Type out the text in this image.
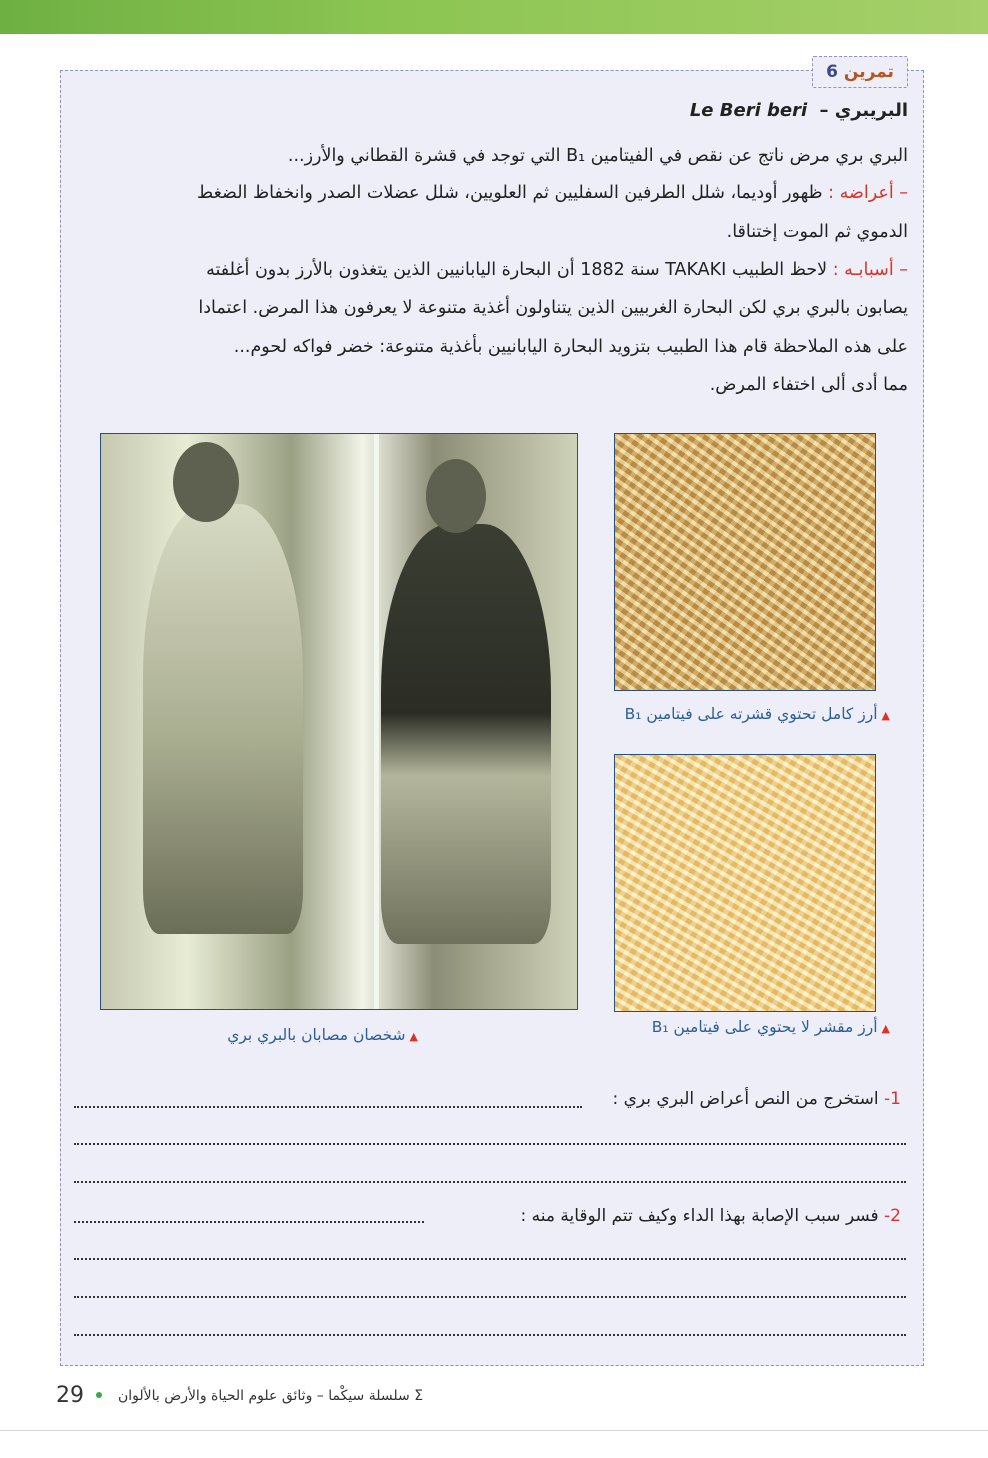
تمرين
6
البريبري – Le Beri beri
البري بري مرض ناتج عن نقص في الفيتامين B₁ التي توجد في قشرة القطاني والأرز...
– أعراضه : ظهور أوديما، شلل الطرفين السفليين ثم العلويين، شلل عضلات الصدر وانخفاظ الضغط
الدموي ثم الموت إختناقا.
– أسبابـه : لاحظ الطبيب TAKAKI سنة 1882 أن البحارة اليابانيين الذين يتغذون بالأرز بدون أغلفته
يصابون بالبري بري لكن البحارة الغربيين الذين يتناولون أغذية متنوعة لا يعرفون هذا المرض. اعتمادا
على هذه الملاحظة قام هذا الطبيب بتزويد البحارة اليابانيين بأغذية متنوعة: خضر فواكه لحوم...
مما أدى ألى اختفاء المرض.
▲أرز كامل تحتوي قشرته على فيتامين B₁
▲أرز مقشر لا يحتوي على فيتامين B₁
▲شخصان مصابان بالبري بري
1- استخرج من النص أعراض البري بري :
2- فسر سبب الإصابة بهذا الداء وكيف تتم الوقاية منه :
29 Σ سلسلة سيكْما – وثائق علوم الحياة والأرض بالألوان
